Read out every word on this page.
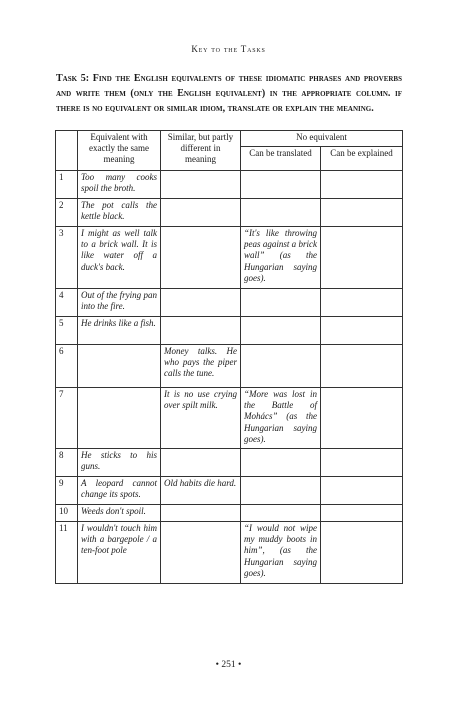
Key to the Tasks
Task 5: Find the English equivalents of these idiomatic phrases and proverbs and write them (only the English equivalent) in the appropriate column. if there is no equivalent or similar idiom, translate or explain the meaning.
	Equivalent with exactly the same meaning	Similar, but partly different in meaning	No equivalent	
			Can be translated	Can be explained
1	Too many cooks spoil the broth.			
2	The pot calls the kettle black.			
3	I might as well talk to a brick wall. It is like water off a duck's back.		“It's like throwing peas against a brick wall” (as the Hungarian saying goes).	
4	Out of the frying pan into the fire.			
5	He drinks like a fish.			
6		Money talks. He who pays the piper calls the tune.		
7		It is no use crying over spilt milk.	“More was lost in the Battle of Mohács” (as the Hungarian saying goes).	
8	He sticks to his guns.			
9	A leopard cannot change its spots.	Old habits die hard.		
10	Weeds don't spoil.			
11	I wouldn't touch him with a bargepole / a ten-foot pole		“I would not wipe my muddy boots in him”, (as the Hungarian saying goes).	
• 251 •
